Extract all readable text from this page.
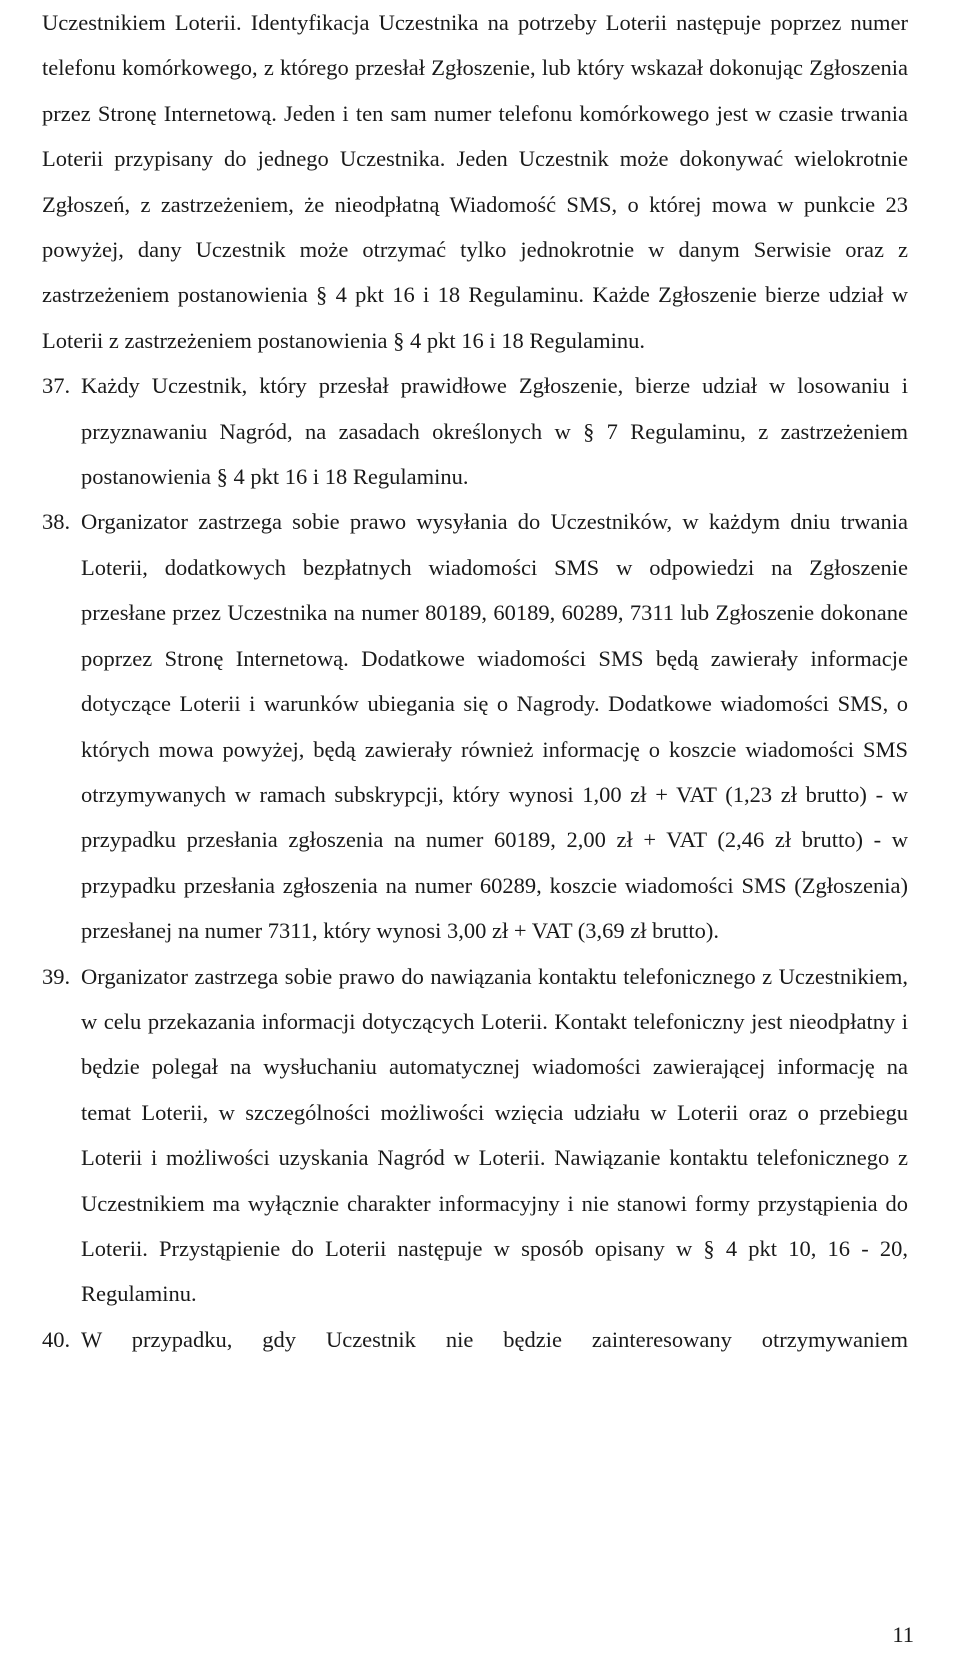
Uczestnikiem Loterii. Identyfikacja Uczestnika na potrzeby Loterii następuje poprzez numer telefonu komórkowego, z którego przesłał Zgłoszenie, lub który wskazał dokonując Zgłoszenia przez Stronę Internetową. Jeden i ten sam numer telefonu komórkowego jest w czasie trwania Loterii przypisany do jednego Uczestnika. Jeden Uczestnik może dokonywać wielokrotnie Zgłoszeń, z zastrzeżeniem, że nieodpłatną Wiadomość SMS, o której mowa w punkcie 23 powyżej, dany Uczestnik może otrzymać tylko jednokrotnie w danym Serwisie oraz z zastrzeżeniem postanowienia § 4 pkt 16 i 18 Regulaminu. Każde Zgłoszenie bierze udział w Loterii z zastrzeżeniem postanowienia § 4 pkt 16 i 18 Regulaminu.

37. Każdy Uczestnik, który przesłał prawidłowe Zgłoszenie, bierze udział w losowaniu i przyznawaniu Nagród, na zasadach określonych w § 7 Regulaminu, z zastrzeżeniem postanowienia § 4 pkt 16 i 18 Regulaminu.
38. Organizator zastrzega sobie prawo wysyłania do Uczestników, w każdym dniu trwania Loterii, dodatkowych bezpłatnych wiadomości SMS w odpowiedzi na Zgłoszenie przesłane przez Uczestnika na numer 80189, 60189, 60289, 7311 lub Zgłoszenie dokonane poprzez Stronę Internetową. Dodatkowe wiadomości SMS będą zawierały informacje dotyczące Loterii i warunków ubiegania się o Nagrody. Dodatkowe wiadomości SMS, o których mowa powyżej, będą zawierały również informację o koszcie wiadomości SMS otrzymywanych w ramach subskrypcji, który wynosi 1,00 zł + VAT (1,23 zł brutto) - w przypadku przesłania zgłoszenia na numer 60189, 2,00 zł + VAT (2,46 zł brutto) - w przypadku przesłania zgłoszenia na numer 60289, koszcie wiadomości SMS (Zgłoszenia) przesłanej na numer 7311, który wynosi 3,00 zł + VAT (3,69 zł brutto).
39. Organizator zastrzega sobie prawo do nawiązania kontaktu telefonicznego z Uczestnikiem, w celu przekazania informacji dotyczących Loterii. Kontakt telefoniczny jest nieodpłatny i będzie polegał na wysłuchaniu automatycznej wiadomości zawierającej informację na temat Loterii, w szczególności możliwości wzięcia udziału w Loterii oraz o przebiegu Loterii i możliwości uzyskania Nagród w Loterii. Nawiązanie kontaktu telefonicznego z Uczestnikiem ma wyłącznie charakter informacyjny i nie stanowi formy przystąpienia do Loterii. Przystąpienie do Loterii następuje w sposób opisany w § 4 pkt 10, 16 - 20, Regulaminu.
40. W przypadku, gdy Uczestnik nie będzie zainteresowany otrzymywaniem
11
